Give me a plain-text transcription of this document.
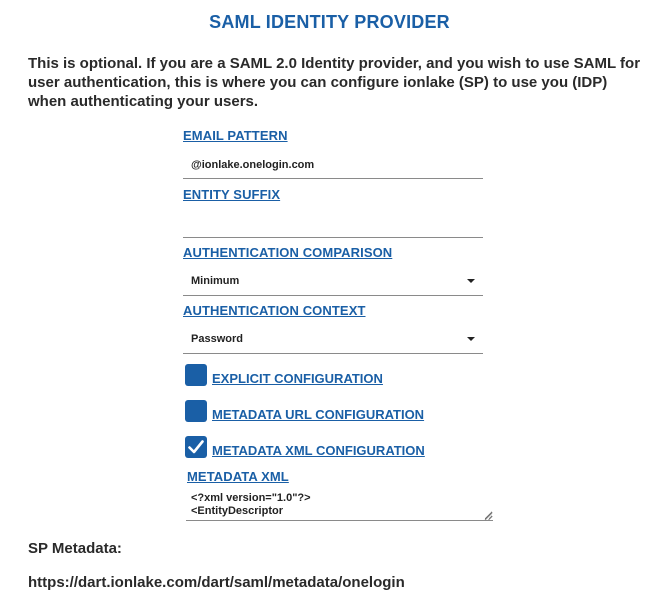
SAML IDENTITY PROVIDER
This is optional. If you are a SAML 2.0 Identity provider, and you wish to use SAML for user authentication, this is where you can configure ionlake (SP) to use you (IDP) when authenticating your users.
EMAIL PATTERN
@ionlake.onelogin.com
ENTITY SUFFIX
AUTHENTICATION COMPARISON
Minimum
AUTHENTICATION CONTEXT
Password
EXPLICIT CONFIGURATION
METADATA URL CONFIGURATION
METADATA XML CONFIGURATION
METADATA XML
<?xml version="1.0"?> <EntityDescriptor
SP Metadata:
https://dart.ionlake.com/dart/saml/metadata/onelogin
